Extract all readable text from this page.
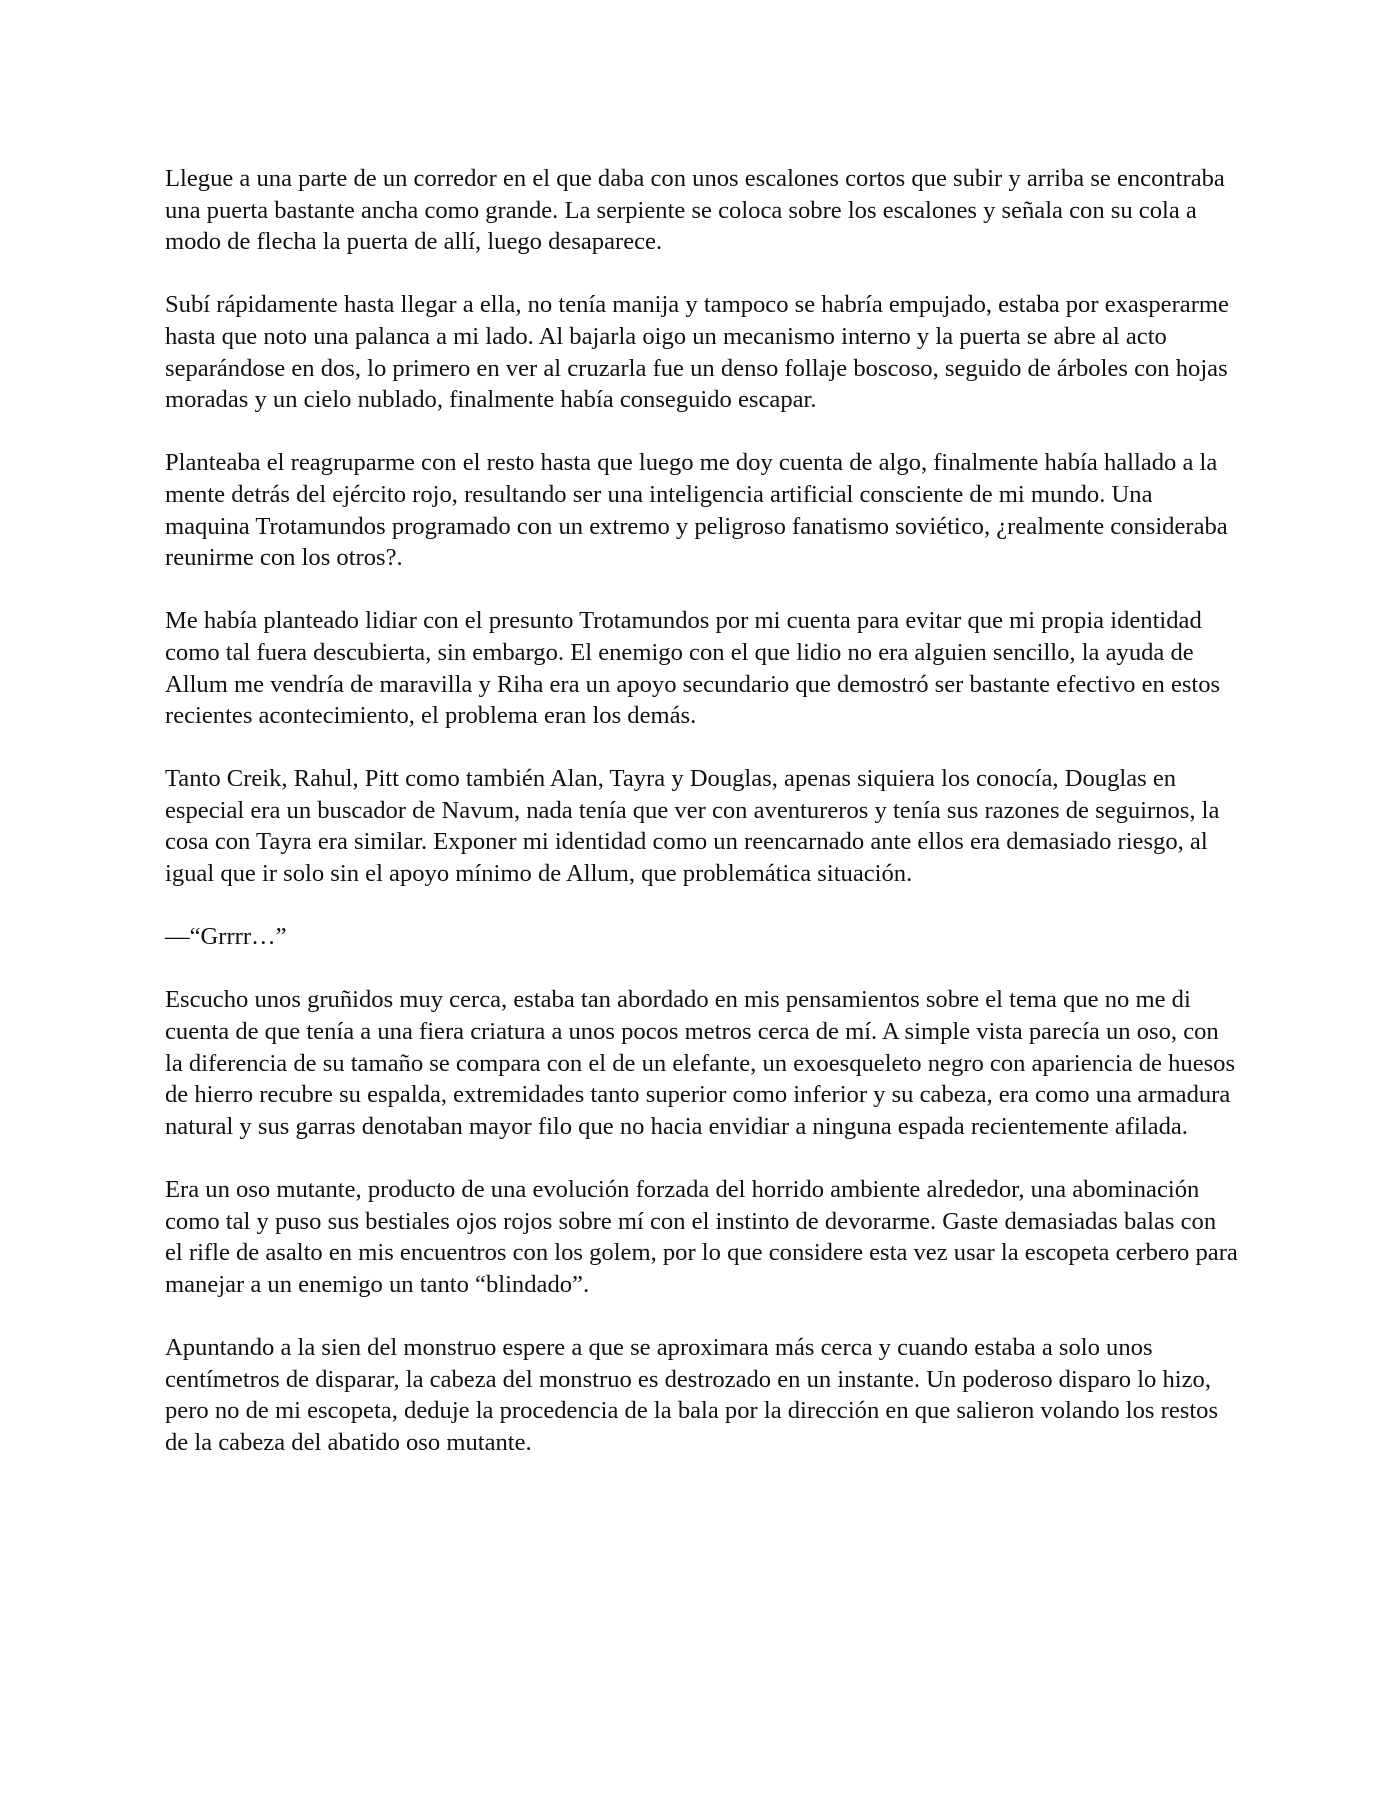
Llegue a una parte de un corredor en el que daba con unos escalones cortos que subir y arriba se encontraba una puerta bastante ancha como grande. La serpiente se coloca sobre los escalones y señala con su cola a modo de flecha la puerta de allí, luego desaparece.

Subí rápidamente hasta llegar a ella, no tenía manija y tampoco se habría empujado, estaba por exasperarme hasta que noto una palanca a mi lado. Al bajarla oigo un mecanismo interno y la puerta se abre al acto separándose en dos, lo primero en ver al cruzarla fue un denso follaje boscoso, seguido de árboles con hojas moradas y un cielo nublado, finalmente había conseguido escapar.

Planteaba el reagruparme con el resto hasta que luego me doy cuenta de algo, finalmente había hallado a la mente detrás del ejército rojo, resultando ser una inteligencia artificial consciente de mi mundo. Una maquina Trotamundos programado con un extremo y peligroso fanatismo soviético, ¿realmente consideraba reunirme con los otros?.

Me había planteado lidiar con el presunto Trotamundos por mi cuenta para evitar que mi propia identidad como tal fuera descubierta, sin embargo. El enemigo con el que lidio no era alguien sencillo, la ayuda de Allum me vendría de maravilla y Riha era un apoyo secundario que demostró ser bastante efectivo en estos recientes acontecimiento, el problema eran los demás.

Tanto Creik, Rahul, Pitt como también Alan, Tayra y Douglas, apenas siquiera los conocía, Douglas en especial era un buscador de Navum, nada tenía que ver con aventureros y tenía sus razones de seguirnos, la cosa con Tayra era similar. Exponer mi identidad como un reencarnado ante ellos era demasiado riesgo, al igual que ir solo sin el apoyo mínimo de Allum, que problemática situación.

—“Grrrr…”

Escucho unos gruñidos muy cerca, estaba tan abordado en mis pensamientos sobre el tema que no me di cuenta de que tenía a una fiera criatura a unos pocos metros cerca de mí. A simple vista parecía un oso, con la diferencia de su tamaño se compara con el de un elefante, un exoesqueleto negro con apariencia de huesos de hierro recubre su espalda, extremidades tanto superior como inferior y su cabeza, era como una armadura natural y sus garras denotaban mayor filo que no hacia envidiar a ninguna espada recientemente afilada.

Era un oso mutante, producto de una evolución forzada del horrido ambiente alrededor, una abominación como tal y puso sus bestiales ojos rojos sobre mí con el instinto de devorarme. Gaste demasiadas balas con el rifle de asalto en mis encuentros con los golem, por lo que considere esta vez usar la escopeta cerbero para manejar a un enemigo un tanto “blindado”.

Apuntando a la sien del monstruo espere a que se aproximara más cerca y cuando estaba a solo unos centímetros de disparar, la cabeza del monstruo es destrozado en un instante. Un poderoso disparo lo hizo, pero no de mi escopeta, deduje la procedencia de la bala por la dirección en que salieron volando los restos de la cabeza del abatido oso mutante.
